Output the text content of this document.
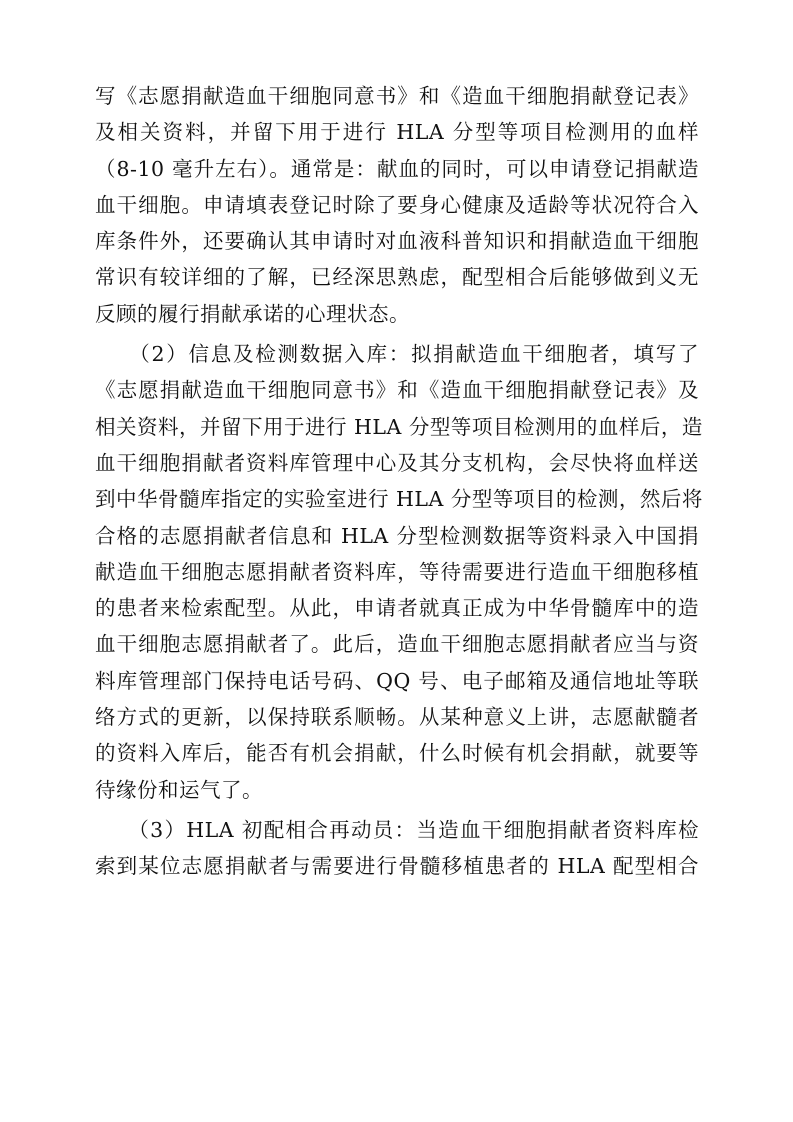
写《志愿捐献造血干细胞同意书》和《造血干细胞捐献登记表》
及相关资料，并留下用于进行 HLA 分型等项目检测用的血样
（8-10 毫升左右）。通常是：献血的同时，可以申请登记捐献造
血干细胞。申请填表登记时除了要身心健康及适龄等状况符合入
库条件外，还要确认其申请时对血液科普知识和捐献造血干细胞
常识有较详细的了解，已经深思熟虑，配型相合后能够做到义无
反顾的履行捐献承诺的心理状态。
　　（2）信息及检测数据入库：拟捐献造血干细胞者，填写了
《志愿捐献造血干细胞同意书》和《造血干细胞捐献登记表》及
相关资料，并留下用于进行 HLA 分型等项目检测用的血样后，造
血干细胞捐献者资料库管理中心及其分支机构，会尽快将血样送
到中华骨髓库指定的实验室进行 HLA 分型等项目的检测，然后将
合格的志愿捐献者信息和 HLA 分型检测数据等资料录入中国捐
献造血干细胞志愿捐献者资料库，等待需要进行造血干细胞移植
的患者来检索配型。从此，申请者就真正成为中华骨髓库中的造
血干细胞志愿捐献者了。此后，造血干细胞志愿捐献者应当与资
料库管理部门保持电话号码、QQ 号、电子邮箱及通信地址等联
络方式的更新，以保持联系顺畅。从某种意义上讲，志愿献髓者
的资料入库后，能否有机会捐献，什么时候有机会捐献，就要等
待缘份和运气了。
　　（3）HLA 初配相合再动员：当造血干细胞捐献者资料库检
索到某位志愿捐献者与需要进行骨髓移植患者的 HLA 配型相合
